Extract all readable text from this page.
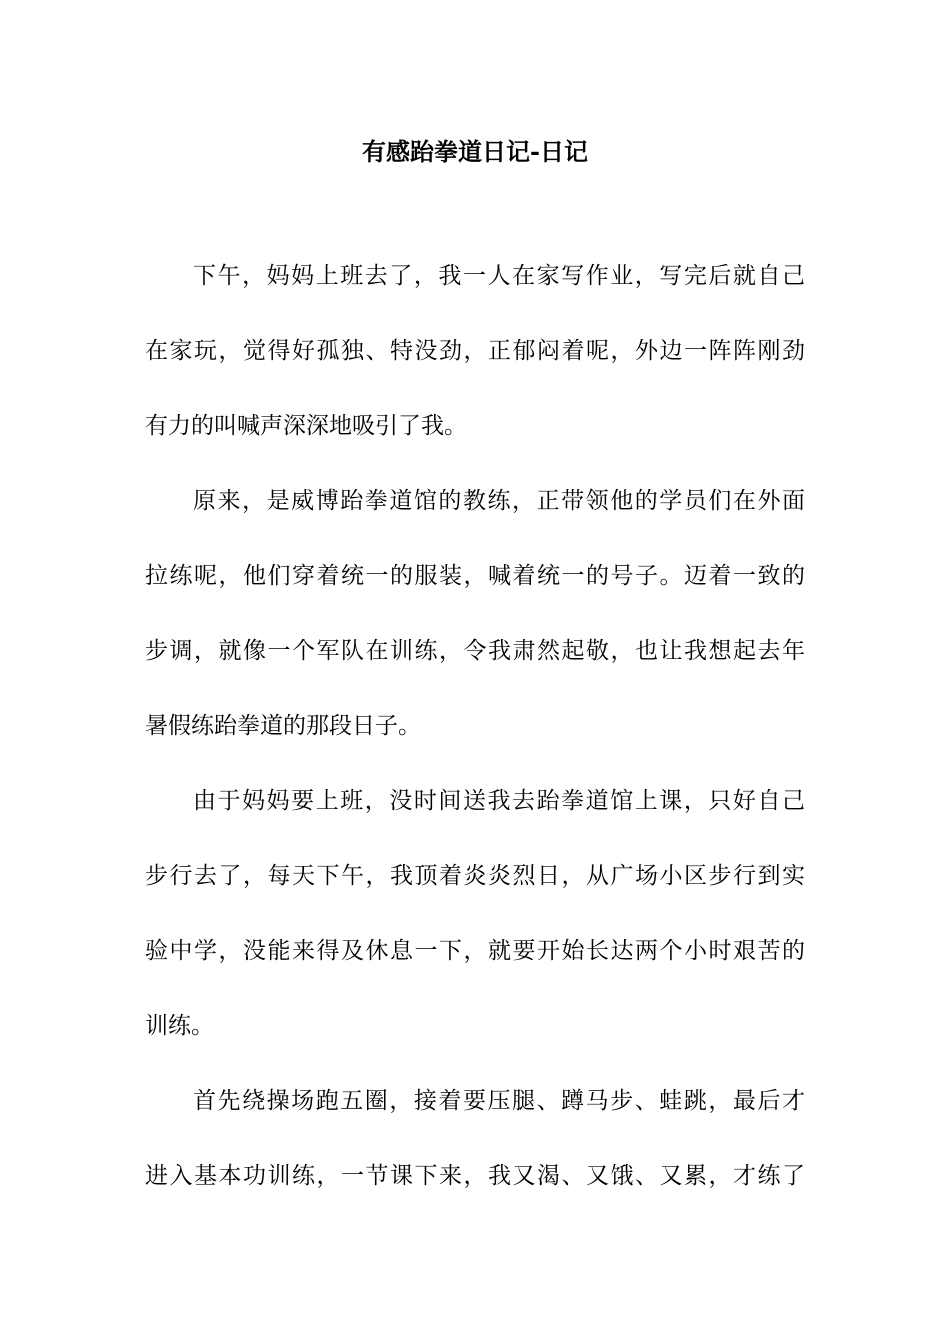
有感跆拳道日记-日记
下午，妈妈上班去了，我一人在家写作业，写完后就自己
在家玩，觉得好孤独、特没劲，正郁闷着呢，外边一阵阵刚劲
有力的叫喊声深深地吸引了我。
原来，是威博跆拳道馆的教练，正带领他的学员们在外面
拉练呢，他们穿着统一的服装，喊着统一的号子。迈着一致的
步调，就像一个军队在训练，令我肃然起敬，也让我想起去年
暑假练跆拳道的那段日子。
由于妈妈要上班，没时间送我去跆拳道馆上课，只好自己
步行去了，每天下午，我顶着炎炎烈日，从广场小区步行到实
验中学，没能来得及休息一下，就要开始长达两个小时艰苦的
训练。
首先绕操场跑五圈，接着要压腿、蹲马步、蛙跳，最后才
进入基本功训练，一节课下来，我又渴、又饿、又累，才练了
